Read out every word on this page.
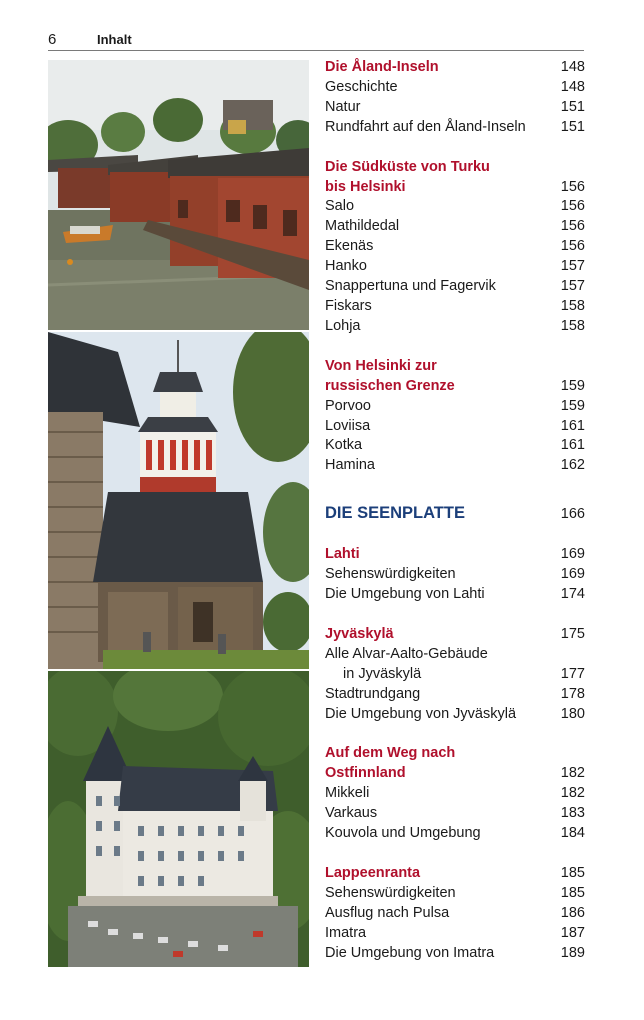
6	Inhalt
Die Åland-Inseln	148
Geschichte	148
Natur	151
Rundfahrt auf den Åland-Inseln	151
Die Südküste von Turku
bis Helsinki	156
Salo	156
Mathildedal	156
Ekenäs	156
Hanko	157
Snappertuna und Fagervik	157
Fiskars	158
Lohja	158
Von Helsinki zur
russischen Grenze	159
Porvoo	159
Loviisa	161
Kotka	161
Hamina	162
DIE SEENPLATTE	166
Lahti	169
Sehenswürdigkeiten	169
Die Umgebung von Lahti	174
Jyväskylä	175
Alle Alvar-Aalto-Gebäude
in Jyväskylä	177
Stadtrundgang	178
Die Umgebung von Jyväskylä	180
Auf dem Weg nach
Ostfinnland	182
Mikkeli	182
Varkaus	183
Kouvola und Umgebung	184
Lappeenranta	185
Sehenswürdigkeiten	185
Ausflug nach Pulsa	186
Imatra	187
Die Umgebung von Imatra	189
